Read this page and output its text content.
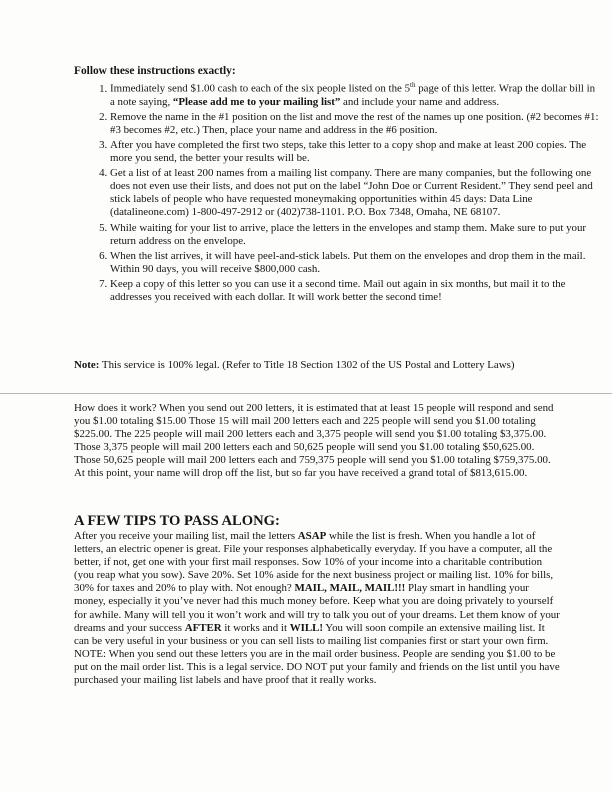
Follow these instructions exactly:
1. Immediately send $1.00 cash to each of the six people listed on the 5th page of this letter. Wrap the dollar bill in a note saying, “Please add me to your mailing list” and include your name and address.
2. Remove the name in the #1 position on the list and move the rest of the names up one position. (#2 becomes #1: #3 becomes #2, etc.) Then, place your name and address in the #6 position.
3. After you have completed the first two steps, take this letter to a copy shop and make at least 200 copies. The more you send, the better your results will be.
4. Get a list of at least 200 names from a mailing list company. There are many companies, but the following one does not even use their lists, and does not put on the label “John Doe or Current Resident.” They send peel and stick labels of people who have requested moneymaking opportunities within 45 days: Data Line (datalineone.com) 1-800-497-2912 or (402)738-1101. P.O. Box 7348, Omaha, NE 68107.
5. While waiting for your list to arrive, place the letters in the envelopes and stamp them. Make sure to put your return address on the envelope.
6. When the list arrives, it will have peel-and-stick labels. Put them on the envelopes and drop them in the mail. Within 90 days, you will receive $800,000 cash.
7. Keep a copy of this letter so you can use it a second time. Mail out again in six months, but mail it to the addresses you received with each dollar. It will work better the second time!
Note: This service is 100% legal. (Refer to Title 18 Section 1302 of the US Postal and Lottery Laws)
How does it work? When you send out 200 letters, it is estimated that at least 15 people will respond and send you $1.00 totaling $15.00 Those 15 will mail 200 letters each and 225 people will send you $1.00 totaling $225.00. The 225 people will mail 200 letters each and 3,375 people will send you $1.00 totaling $3,375.00. Those 3,375 people will mail 200 letters each and 50,625 people will send you $1.00 totaling $50,625.00. Those 50,625 people will mail 200 letters each and 759,375 people will send you $1.00 totaling $759,375.00. At this point, your name will drop off the list, but so far you have received a grand total of $813,615.00.
A FEW TIPS TO PASS ALONG:
After you receive your mailing list, mail the letters ASAP while the list is fresh. When you handle a lot of letters, an electric opener is great. File your responses alphabetically everyday. If you have a computer, all the better, if not, get one with your first mail responses. Sow 10% of your income into a charitable contribution (you reap what you sow). Save 20%. Set 10% aside for the next business project or mailing list. 10% for bills, 30% for taxes and 20% to play with. Not enough? MAIL, MAIL, MAIL!!! Play smart in handling your money, especially it you’ve never had this much money before. Keep what you are doing privately to yourself for awhile. Many will tell you it won’t work and will try to talk you out of your dreams. Let them know of your dreams and your success AFTER it works and it WILL! You will soon compile an extensive mailing list. It can be very useful in your business or you can sell lists to mailing list companies first or start your own firm. NOTE: When you send out these letters you are in the mail order business. People are sending you $1.00 to be put on the mail order list. This is a legal service. DO NOT put your family and friends on the list until you have purchased your mailing list labels and have proof that it really works.
